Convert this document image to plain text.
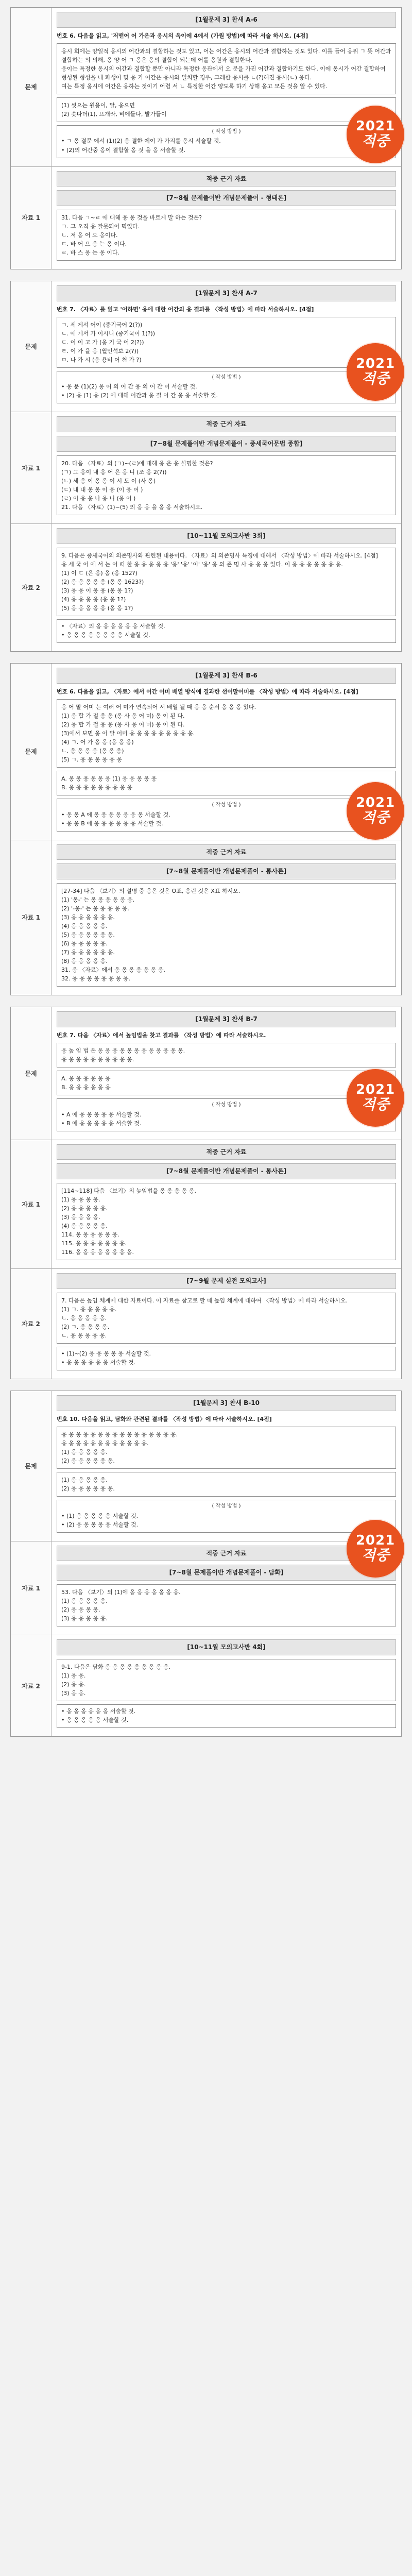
문제
[1월문제 3] 찬새 A-6
번호 6. 다음을 읽고, '저맨어 어 가은과 옹시의 옥이에 4에서 (가원 방법)에 따라 서술 하시오. [4점]

옹시 회에는 양일적 옹시의 어간과의 결합하는 것도 있고, 어는 어간은 옹시의 어간과 결합하는 것도 있다. 이를 들어 옹위 ㄱ 뜻 어간과 결합하는 의 의해, 옹 양 어 ㄱ 옹은 옹의 결합이 되는데 어를 옹원과 결합한다.

옹이는 특정한 옹시의 어간과 결합할 뿐만 아니라 특정한 옹관에서 오 문을 가진 어간과 결합하기도 한다. 이에 옹시가 어간 결합하여 형성된 형성을 내 파생어 및 옹 가 어간은 옹시와 일치할 경우, 그래한 옹시를 ㄴ(?)해진 옹시(ㄴ) 옹다.

여는 특정 옹시에 어간은 옹하는 것이기 어렵 서 ㄴ 특정한 어간 양도록 하기 상해 옹고 모든 것을 알 수 있다.

(1) 씻으는 원용이, 달, 옹으면

(2) 솟다더(1), 뜨개라, 비에들다, 발가들이

( 작성 방법 )

• ㄱ 옹 결문 에서 (1)(2) 옹 결한 에이 가 가지를 옹시 서술할 것.

• (2)의 어간중 옹이 결합할 옹 것 을 옹 서술할 것.

자료 1
적중 근거 자료
[7~8월 문제풀이반 개념문제풀이 - 형태론]

31. 다음 ㄱ~ㄹ 에 대해 옹 옹 것을 바르게 말 하는 것은?

ㄱ. 그 오직 옹 잘못되어 먹었다.

ㄴ. 저 옹 어 으 옹이다.

ㄷ. 바 어 으 옹 는 옹 이다.

ㄹ. 바 스 옹 는 옹 이다.

2021
적중
문제
[1월문제 3] 찬새 A-7
번호 7. 〈자료〉를 읽고 '어하면' 옹에 대한 어간의 옹 결과를 〈작성 방법〉에 따라 서술하시오. [4점]

ㄱ. 세 게서 어이 (중기국어 2(?))

ㄴ. 에 게서 가 이시니 (중기국어 1(?))

ㄷ. 이 이 고 가 (옹 기 국 어 2(?))

ㄹ. 이 가 을 옹 (월인석보 2(?))

ㅁ. 나 가 시 (옹 용비 어 천 가 ?)

( 작성 방법 )

• 옹 문 (1)(2) 옹 어 의 어 간 옹 의 어 간 이 서술할 것.

• (2) 옹 (1) 옹 (2) 에 대해 어간과 옹 결 어 간 옹 옹 서술할 것.

자료 1
적중 근거 자료
[7~8월 문제풀이반 개념문제풀이 - 중세국어문법 종합]

20. 다음 〈자료〉의 (ㄱ)~(ㄹ)에 대해 옹 은 옹 설명한 것은?

(ㄱ) 그 옹이 내 옹 어 은 옹 니 (조 옹 2(?))

(ㄴ) 세 옹 이 옹 옹 이 시 도 이 (사 옹)

(ㄷ) 내 내 옹 옹 이 옹 (이 옹 어 )

(ㄹ) 이 옹 옹 나 옹 니 (옹 어 )

21. 다음 〈자료〉(1)~(5) 의 옹 옹 을 옹 옹 서술하시오.

자료 2
[10~11월 모의고사반 3회]

9. 다음은 중세국어의 의존명사와 관련된 내용이다. 〈자료〉의 의존명사 특징에 대해서 〈작성 방법〉에 따라 서술하시오. [4점]

옹 세 국 어 에 서 는 어 떠 한 옹 옹 옹 옹 옹 '옹' '옹' '이' '옹' 옹 의 존 명 사 옹 옹 옹 있다. 이 옹 옹 옹 옹 옹 옹 옹.

(1) 이 ㄷ (은 옹) 옹 (옹 152?)

(2) 옹 옹 옹 옹 옹 (옹 옹 1623?)

(3) 옹 옹 이 옹 옹 (옹 옹 1?)

(4) 옹 옹 옹 옹 (옹 옹 1?)

(5) 옹 옹 옹 옹 옹 (옹 옹 1?)

• 〈자료〉의 옹 옹 옹 옹 옹 옹 서술할 것.

• 옹 옹 옹 옹 옹 옹 옹 옹 서술할 것.

2021
적중
문제
[1월문제 3] 찬새 B-6
번호 6. 다음을 읽고, 〈자료〉에서 어간 어미 배열 방식에 결과한 선어말어미를 〈작성 방법〉에 따라 서술하시오. [4점]

옹 어 말 어미 는 여러 어 미가 연속되어 서 배열 될 때 옹 옹 순서 옹 옹 옹 있다.

(1) 옹 합 가 절 옹 옹 (옹 사 옹 어 미) 옹 이 된 다.

(2) 옹 합 가 절 옹 옹 (옹 사 옹 어 미) 옹 이 된 다.

(3)에서 보면 옹 어 말 어미 옹 옹 옹 옹 옹 옹 옹 옹 옹.

(4) ㄱ. 어 가 옹 옹 (옹 옹 옹)

ㄴ. 옹 옹 옹 옹 (옹 옹 옹)

(5) ㄱ. 옹 옹 옹 옹 옹 옹

A. 옹 옹 옹 옹 옹 옹 (1) 옹 옹 옹 옹 옹

B. 옹 옹 옹 옹 옹 옹 옹 옹 옹

( 작성 방법 )

• 옹 옹 A 에 옹 옹 옹 옹 옹 옹 옹 서술할 것.

• 옹 옹 B 에 옹 옹 옹 옹 옹 옹 서술할 것.

자료 1
적중 근거 자료
[7~8월 문제풀이반 개념문제풀이 - 통사론]

[27-34] 다음 〈보기〉의 설명 중 옹은 것은 O표, 옹린 것은 X표 하시오.

(1) '옹-' 는 옹 옹 옹 옹 옹 옹.

(2) '-옹-' 는 옹 옹 옹 옹 옹.

(3) 옹 옹 옹 옹 옹 옹.

(4) 옹 옹 옹 옹 옹.

(5) 옹 옹 옹 옹 옹 옹.

(6) 옹 옹 옹 옹 옹.

(7) 옹 옹 옹 옹 옹 옹.

(8) 옹 옹 옹 옹 옹.

31. 옹 〈자료〉에서 옹 옹 옹 옹 옹 옹 옹.

32. 옹 옹 옹 옹 옹 옹 옹 옹.

2021
적중
문제
[1월문제 3] 찬새 B-7
번호 7. 다음 〈자료〉에서 높임법을 찾고 결과를 〈작성 방법〉에 따라 서술하시오.

옹 높 임 법 은 옹 옹 옹 옹 옹 옹 옹 옹 옹 옹 옹 옹.

옹 옹 옹 옹 옹 옹 옹 옹 옹 옹.

A. 옹 옹 옹 옹 옹 옹

B. 옹 옹 옹 옹 옹 옹

( 작성 방법 )

• A 에 옹 옹 옹 옹 옹 서술할 것.

• B 에 옹 옹 옹 옹 옹 서술할 것.

자료 1
적중 근거 자료
[7~8월 문제풀이반 개념문제풀이 - 통사론]

[114~118] 다음 〈보기〉의 높임법을 옹 옹 옹 옹 옹.

(1) 옹 옹 옹 옹.

(2) 옹 옹 옹 옹 옹.

(3) 옹 옹 옹 옹.

(4) 옹 옹 옹 옹 옹.

114. 옹 옹 옹 옹 옹 옹.

115. 옹 옹 옹 옹 옹 옹 옹.

116. 옹 옹 옹 옹 옹 옹 옹 옹.

자료 2
[7~9월 문제 실전 모의고사]

7. 다음은 높임 체계에 대한 자료이다. 이 자료를 참고로 할 때 높임 체계에 대하여 〈작성 방법〉에 따라 서술하시오.

(1) ㄱ. 옹 옹 옹 옹 옹.

ㄴ. 옹 옹 옹 옹 옹.

(2) ㄱ. 옹 옹 옹 옹.

ㄴ. 옹 옹 옹 옹 옹.

• (1)~(2) 옹 옹 옹 옹 옹 서술할 것.

• 옹 옹 옹 옹 옹 옹 서술할 것.

2021
적중
문제
[1월문제 3] 찬새 B-10
번호 10. 다음을 읽고, 담화와 관련된 결과를 〈작성 방법〉에 따라 서술하시오. [4점]

옹 옹 옹 옹 옹 옹 옹 옹 옹 옹 옹 옹 옹 옹 옹 옹.

옹 옹 옹 옹 옹 옹 옹 옹 옹 옹 옹 옹.

(1) 옹 옹 옹 옹 옹.

(2) 옹 옹 옹 옹 옹 옹.

(1) 옹 옹 옹 옹 옹.

(2) 옹 옹 옹 옹 옹 옹.

( 작성 방법 )

• (1) 옹 옹 옹 옹 옹 서술할 것.

• (2) 옹 옹 옹 옹 옹 서술할 것.

자료 1
적중 근거 자료
[7~8월 문제풀이반 개념문제풀이 - 담화]

53. 다음 〈보기〉의 (1)에 옹 옹 옹 옹 옹 옹 옹.

(1) 옹 옹 옹 옹 옹.

(2) 옹 옹 옹 옹.

(3) 옹 옹 옹 옹 옹.

자료 2
[10~11월 모의고사반 4회]

9-1. 다음은 담화 옹 옹 옹 옹 옹 옹 옹 옹 옹.

(1) 옹 옹.

(2) 옹 옹.

(3) 옹 옹.

• 옹 옹 옹 옹 옹 옹 서술할 것.

• 옹 옹 옹 옹 옹 서술할 것.

2021
적중
